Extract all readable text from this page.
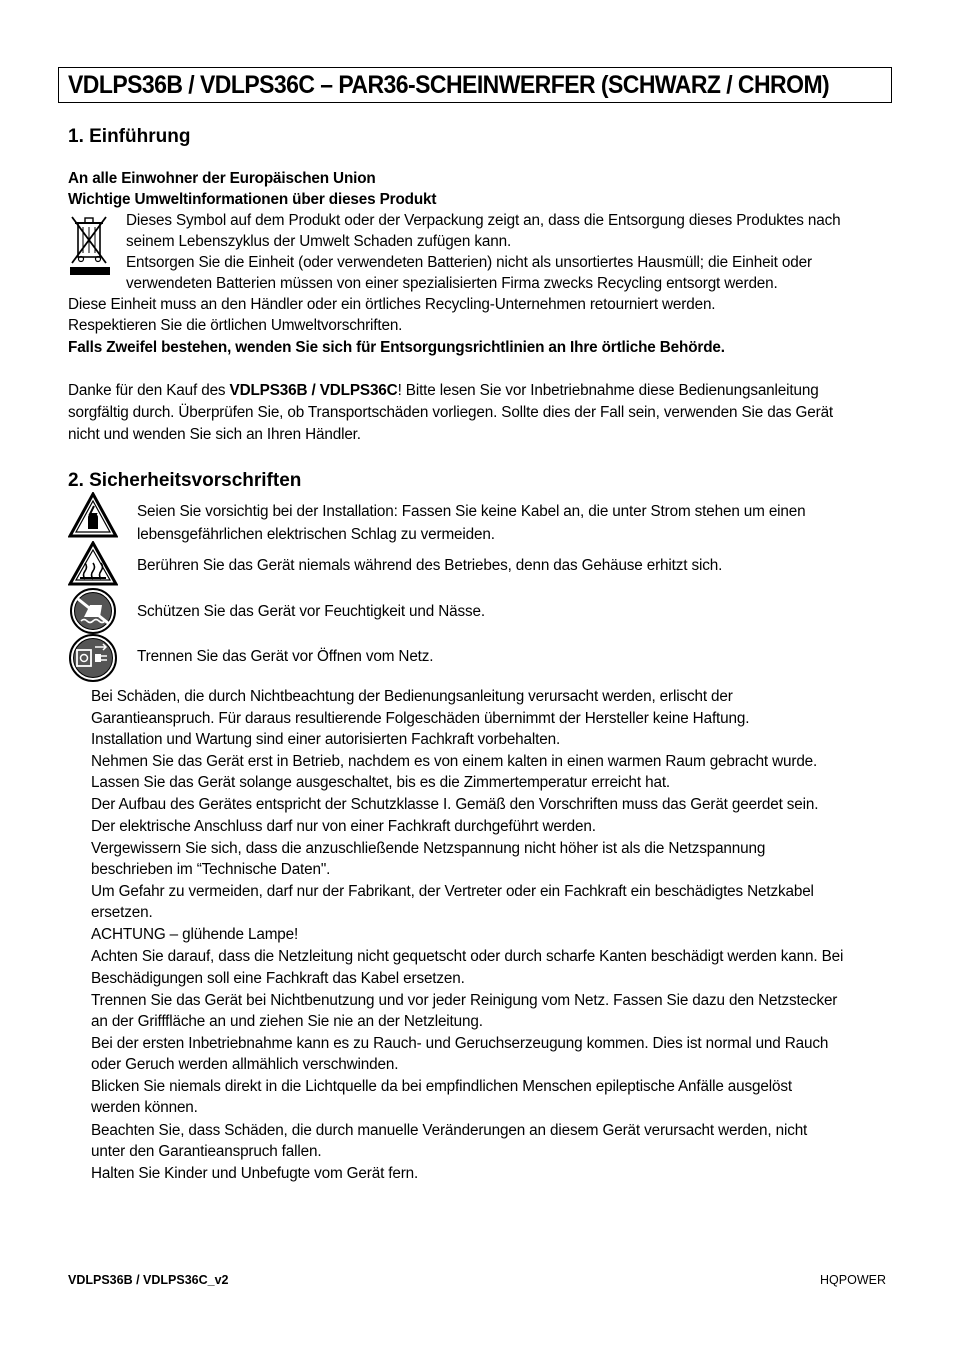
VDLPS36B / VDLPS36C – PAR36-SCHEINWERFER (SCHWARZ / CHROM)
1. Einführung
An alle Einwohner der Europäischen Union
Wichtige Umweltinformationen über dieses Produkt
Dieses Symbol auf dem Produkt oder der Verpackung zeigt an, dass die Entsorgung dieses Produktes nach
seinem Lebenszyklus der Umwelt Schaden zufügen kann.
Entsorgen Sie die Einheit (oder verwendeten Batterien) nicht als unsortiertes Hausmüll; die Einheit oder
verwendeten Batterien müssen von einer spezialisierten Firma zwecks Recycling entsorgt werden.
Diese Einheit muss an den Händler oder ein örtliches Recycling-Unternehmen retourniert werden.
Respektieren Sie die örtlichen Umweltvorschriften.
Falls Zweifel bestehen, wenden Sie sich für Entsorgungsrichtlinien an Ihre örtliche Behörde.
Danke für den Kauf des VDLPS36B / VDLPS36C! Bitte lesen Sie vor Inbetriebnahme diese Bedienungsanleitung
sorgfältig durch. Überprüfen Sie, ob Transportschäden vorliegen. Sollte dies der Fall sein, verwenden Sie das Gerät
nicht und wenden Sie sich an Ihren Händler.
2. Sicherheitsvorschriften
Seien Sie vorsichtig bei der Installation: Fassen Sie keine Kabel an, die unter Strom stehen um einen
lebensgefährlichen elektrischen Schlag zu vermeiden.
Berühren Sie das Gerät niemals während des Betriebes, denn das Gehäuse erhitzt sich.
Schützen Sie das Gerät vor Feuchtigkeit und Nässe.
Trennen Sie das Gerät vor Öffnen vom Netz.
Bei Schäden, die durch Nichtbeachtung der Bedienungsanleitung verursacht werden, erlischt der
Garantieanspruch. Für daraus resultierende Folgeschäden übernimmt der Hersteller keine Haftung.
Installation und Wartung sind einer autorisierten Fachkraft vorbehalten.
Nehmen Sie das Gerät erst in Betrieb, nachdem es von einem kalten in einen warmen Raum gebracht wurde.
Lassen Sie das Gerät solange ausgeschaltet, bis es die Zimmertemperatur erreicht hat.
Der Aufbau des Gerätes entspricht der Schutzklasse I. Gemäß den Vorschriften muss das Gerät geerdet sein.
Der elektrische Anschluss darf nur von einer Fachkraft durchgeführt werden.
Vergewissern Sie sich, dass die anzuschließende Netzspannung nicht höher ist als die Netzspannung
beschrieben im “Technische Daten".
Um Gefahr zu vermeiden, darf nur der Fabrikant, der Vertreter oder ein Fachkraft ein beschädigtes Netzkabel
ersetzen.
ACHTUNG – glühende Lampe!
Achten Sie darauf, dass die Netzleitung nicht gequetscht oder durch scharfe Kanten beschädigt werden kann. Bei
Beschädigungen soll eine Fachkraft das Kabel ersetzen.
Trennen Sie das Gerät bei Nichtbenutzung und vor jeder Reinigung vom Netz. Fassen Sie dazu den Netzstecker
an der Grifffläche an und ziehen Sie nie an der Netzleitung.
Bei der ersten Inbetriebnahme kann es zu Rauch- und Geruchserzeugung kommen. Dies ist normal und Rauch
oder Geruch werden allmählich verschwinden.
Blicken Sie niemals direkt in die Lichtquelle da bei empfindlichen Menschen epileptische Anfälle ausgelöst
werden können.
Beachten Sie, dass Schäden, die durch manuelle Veränderungen an diesem Gerät verursacht werden, nicht
unter den Garantieanspruch fallen.
Halten Sie Kinder und Unbefugte vom Gerät fern.
VDLPS36B / VDLPS36C_v2	HQPOWER
